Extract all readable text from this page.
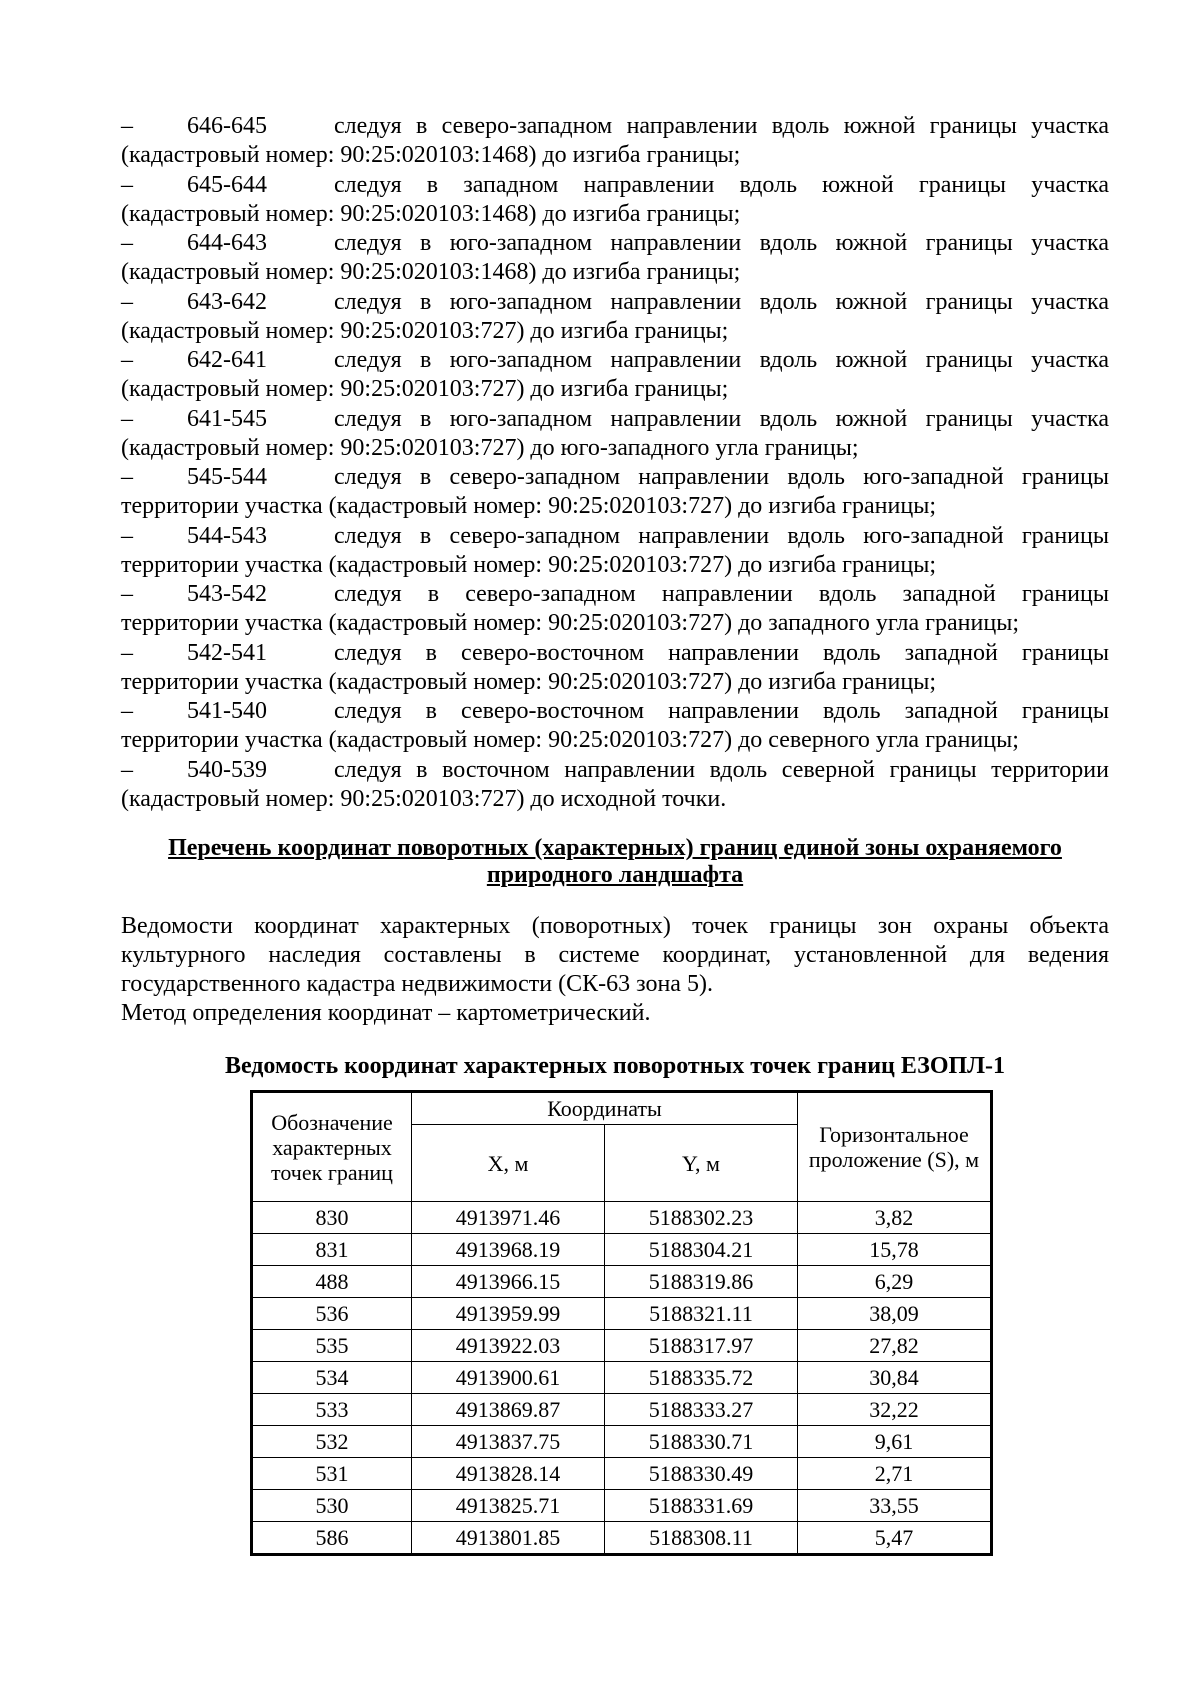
– 646-645	следуя в северо-западном направлении вдоль южной границы участка
(кадастровый номер: 90:25:020103:1468) до изгиба границы;
– 645-644	следуя в западном направлении вдоль южной границы участка
(кадастровый номер: 90:25:020103:1468) до изгиба границы;
– 644-643	следуя в юго-западном направлении вдоль южной границы участка
(кадастровый номер: 90:25:020103:1468) до изгиба границы;
– 643-642	следуя в юго-западном направлении вдоль южной границы участка
(кадастровый номер: 90:25:020103:727) до изгиба границы;
– 642-641	следуя в юго-западном направлении вдоль южной границы участка
(кадастровый номер: 90:25:020103:727) до изгиба границы;
– 641-545	следуя в юго-западном направлении вдоль южной границы участка
(кадастровый номер: 90:25:020103:727) до юго-западного угла границы;
– 545-544	следуя в северо-западном направлении вдоль юго-западной границы
территории участка (кадастровый номер: 90:25:020103:727) до изгиба границы;
– 544-543	следуя в северо-западном направлении вдоль юго-западной границы
территории участка (кадастровый номер: 90:25:020103:727) до изгиба границы;
– 543-542	следуя в северо-западном направлении вдоль западной границы
территории участка (кадастровый номер: 90:25:020103:727) до западного угла границы;
– 542-541	следуя в северо-восточном направлении вдоль западной границы
территории участка (кадастровый номер: 90:25:020103:727) до изгиба границы;
– 541-540	следуя в северо-восточном направлении вдоль западной границы
территории участка (кадастровый номер: 90:25:020103:727) до северного угла границы;
– 540-539	следуя в восточном направлении вдоль северной границы территории
(кадастровый номер: 90:25:020103:727) до исходной точки.
Перечень координат поворотных (характерных) границ единой зоны охраняемого
природного ландшафта
Ведомости координат характерных (поворотных) точек границы зон охраны объекта
культурного наследия составлены в системе координат, установленной для ведения
государственного кадастра недвижимости (СК-63 зона 5).
Метод определения координат – картометрический.
Ведомость координат характерных поворотных точек границ ЕЗОПЛ-1
Обозначение характерных точек границ	Координаты		Горизонтальное проложение (S), м
	X, м	Y, м	
830	4913971.46	5188302.23	3,82
831	4913968.19	5188304.21	15,78
488	4913966.15	5188319.86	6,29
536	4913959.99	5188321.11	38,09
535	4913922.03	5188317.97	27,82
534	4913900.61	5188335.72	30,84
533	4913869.87	5188333.27	32,22
532	4913837.75	5188330.71	9,61
531	4913828.14	5188330.49	2,71
530	4913825.71	5188331.69	33,55
586	4913801.85	5188308.11	5,47
